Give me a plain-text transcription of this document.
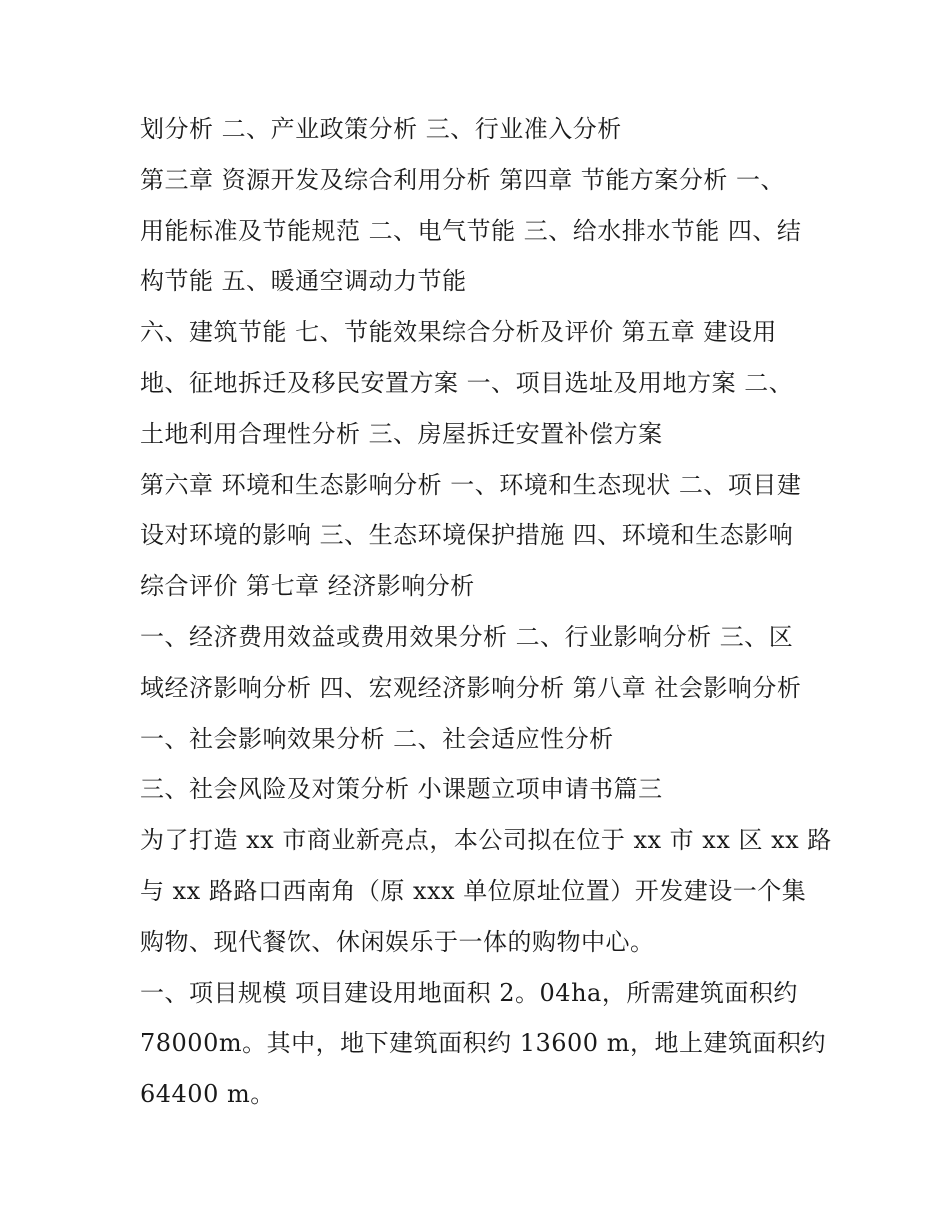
划分析 二、产业政策分析 三、行业准入分析
第三章 资源开发及综合利用分析 第四章 节能方案分析 一、
用能标准及节能规范 二、电气节能 三、给水排水节能 四、结
构节能 五、暖通空调动力节能
六、建筑节能 七、节能效果综合分析及评价 第五章 建设用
地、征地拆迁及移民安置方案 一、项目选址及用地方案 二、
土地利用合理性分析 三、房屋拆迁安置补偿方案
第六章 环境和生态影响分析 一、环境和生态现状 二、项目建
设对环境的影响 三、生态环境保护措施 四、环境和生态影响
综合评价 第七章 经济影响分析
一、经济费用效益或费用效果分析 二、行业影响分析 三、区
域经济影响分析 四、宏观经济影响分析 第八章 社会影响分析
一、社会影响效果分析 二、社会适应性分析
三、社会风险及对策分析 小课题立项申请书篇三
为了打造 xx 市商业新亮点，本公司拟在位于 xx 市 xx 区 xx 路
与 xx 路路口西南角（原 xxx 单位原址位置）开发建设一个集
购物、现代餐饮、休闲娱乐于一体的购物中心。
一、项目规模 项目建设用地面积 2。04ha，所需建筑面积约
78000m。其中，地下建筑面积约 13600 m，地上建筑面积约
64400 m。
